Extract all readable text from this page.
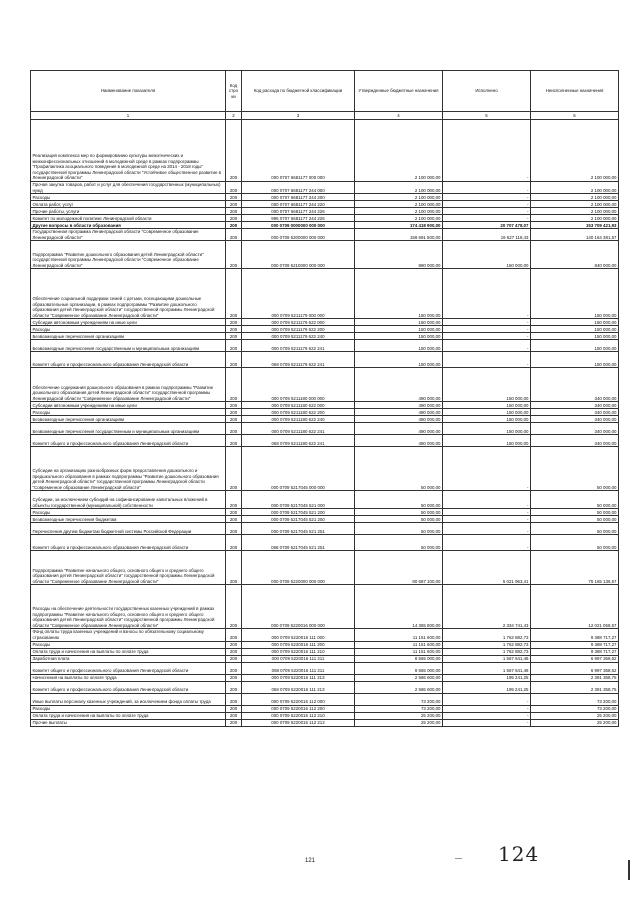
Наименование показателя	Код стро ки	Код расхода по бюджетной классификации	Утвержденные бюджетные назначения	Исполнено	Неисполненные назначения
1	2	3	4	5	6
Реализация комплекса мер по формированию культуры межэтнических и межконфессиональных отношений в молодежной среде в рамках подпрограммы "Профилактика асоциального поведения в молодежной среде на 2014 - 2018 годы" государственной программы Ленинградской области "Устойчивое общественное развитие в Ленинградской области"	200	000 0707 6681177 000 000	2 100 000,00	-	2 100 000,00
Прочая закупка товаров, работ и услуг для обеспечения государственных (муниципальных) нужд	200	000 0707 6681177 244 000	2 100 000,00	-	2 100 000,00
Расходы	200	000 0707 6681177 244 200	2 100 000,00	-	2 100 000,00
Оплата работ, услуг	200	000 0707 6681177 244 220	2 100 000,00	-	2 100 000,00
Прочие работы, услуги	200	000 0707 6681177 244 226	2 100 000,00	-	2 100 000,00
Комитет по молодежной политике Ленинградской области	200	995 0707 6681177 244 226	2 100 000,00	-	2 100 000,00
Другие вопросы в области образования	200	000 0709 0000000 000 000	174 418 900,00	20 707 478,07	153 709 421,93
Государственная программа Ленинградской области "Современное образование Ленинградской области"	200	000 0709 5200000 000 000	159 691 500,00	19 527 118,43	140 164 381,57
Подпрограмма "Развитие дошкольного образования детей Ленинградской области" государственной программы Ленинградской области "Современное образование Ленинградской области"	200	000 0709 5210000 000 000	890 000,00	150 000,00	840 000,00
Обеспечение социальной поддержки семей с детьми, посещающими дошкольные образовательные организации, в рамках подпрограммы "Развитие дошкольного образования детей Ленинградской области" государственной программы Ленинградской области "Современное образование Ленинградской области"	200	000 0709 5211179 000 000	150 000,00	-	150 000,00
Субсидии автономным учреждениям на иные цели	200	000 0709 5211179 622 000	150 000,00	-	150 000,00
Расходы	200	000 0709 5211179 622 200	150 000,00	-	150 000,00
Безвозмездные перечисления организациям	200	000 0709 5211179 622 240	150 000,00	-	150 000,00
Безвозмездные перечисления государственным и муниципальным организациям	200	000 0709 5211179 622 241	150 000,00	-	150 000,00
Комитет общего и профессионального образования Ленинградской области	200	068 0709 5211179 622 241	150 000,00	-	150 000,00
Обеспечение содержания дошкольного образования в рамках подпрограммы "Развитие дошкольного образования детей Ленинградской области" государственной программы Ленинградской области "Современное образование Ленинградской области"	200	000 0709 5211180 000 000	490 000,00	150 000,00	340 000,00
Субсидии автономным учреждениям на иные цели	200	000 0709 5211180 622 000	490 000,00	150 000,00	340 000,00
Расходы	200	000 0709 5211180 622 200	490 000,00	150 000,00	340 000,00
Безвозмездные перечисления организациям	200	000 0709 5211180 622 240	490 000,00	150 000,00	340 000,00
Безвозмездные перечисления государственным и муниципальным организациям	200	000 0709 5211180 622 241	490 000,00	150 000,00	340 000,00
Комитет общего и профессионального образования Ленинградской области	200	068 0709 5211180 622 241	490 000,00	150 000,00	340 000,00
Субсидии на организацию разнообразных форм предоставления дошкольного и предшкольного образования в рамках подпрограммы "Развитие дошкольного образования детей Ленинградской области" государственной программы Ленинградской области "Современное образование Ленинградской области"	200	000 0709 5217045 000 000	50 000,00	-	50 000,00
Субсидии, за исключением субсидий на софинансирование капитальных вложений в объекты государственной (муниципальной) собственности	200	000 0709 5217045 521 000	50 000,00	-	50 000,00
Расходы	200	000 0709 5217045 521 200	50 000,00	-	50 000,00
Безвозмездные перечисления бюджетам	200	000 0709 5217045 521 250	50 000,00	-	50 000,00
Перечисления другим бюджетам бюджетной системы Российской Федерации	200	000 0709 5217045 521 251	50 000,00	-	50 000,00
Комитет общего и профессионального образования Ленинградской области	200	068 0709 5217045 521 251	50 000,00	-	50 000,00
Подпрограмма "Развитие начального общего, основного общего и среднего общего образования детей Ленинградской области" государственной программы Ленинградской области "Современное образование Ленинградской области"	200	000 0709 5220000 000 000	80 687 100,00	5 021 963,41	75 165 136,57
Расходы на обеспечение деятельности государственных казенных учреждений в рамках подпрограммы "Развитие начального общего, основного общего и среднего общего образования детей Ленинградской области" государственной программы Ленинградской области "Современное образование Ленинградской области"	200	000 0709 5220016 000 000	14 355 800,00	2 334 741,43	12 021 058,57
Фонд оплаты труда казенных учреждений и взносы по обязательному социальному страхованию	200	000 0709 5220016 111 000	11 151 600,00	1 762 882,73	9 388 717,27
Расходы	200	000 0709 5220016 111 200	11 151 600,00	1 762 882,73	9 388 717,27
Оплата труда и начисления на выплаты по оплате труда	200	000 0709 5220016 111 210	11 151 600,00	1 762 882,73	9 388 717,27
Заработная плата	200	000 0709 5220016 111 211	8 565 000,00	1 567 641,48	6 997 358,52
Комитет общего и профессионального образования Ленинградской области	200	068 0709 5220016 111 211	8 565 000,00	1 567 641,48	6 997 358,52
Начисления на выплаты по оплате труда	200	000 0709 5220016 111 213	2 586 600,00	195 241,25	2 391 358,75
Комитет общего и профессионального образования Ленинградской области	200	068 0709 5220016 111 213	2 586 600,00	195 241,25	2 391 358,75
Иные выплаты персоналу казенных учреждений, за исключением фонда оплаты труда	200	000 0709 5220016 112 000	73 200,00	-	73 200,00
Расходы	200	000 0709 5220016 112 200	73 200,00	-	73 200,00
Оплата труда и начисления на выплаты по оплате труда	200	000 0709 5220016 112 210	25 200,00	-	25 200,00
Прочие выплаты	200	000 0709 5220016 112 212	25 200,00	-	25 200,00
121	— 124
